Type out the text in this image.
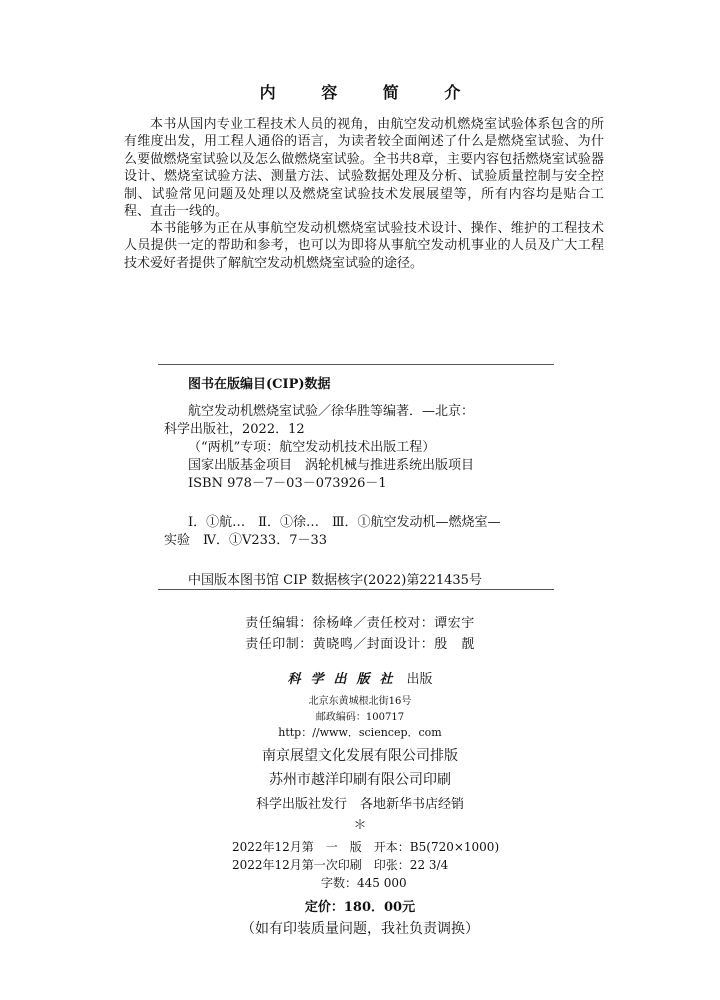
内 容 简 介

本书从国内专业工程技术人员的视角，由航空发动机燃烧室试验体系包含的所有维度出发，用工程人通俗的语言，为读者较全面阐述了什么是燃烧室试验、为什么要做燃烧室试验以及怎么做燃烧室试验。全书共8章，主要内容包括燃烧室试验器设计、燃烧室试验方法、测量方法、试验数据处理及分析、试验质量控制与安全控制、试验常见问题及处理以及燃烧室试验技术发展展望等，所有内容均是贴合工程、直击一线的。

本书能够为正在从事航空发动机燃烧室试验技术设计、操作、维护的工程技术人员提供一定的帮助和参考，也可以为即将从事航空发动机事业的人员及广大工程技术爱好者提供了解航空发动机燃烧室试验的途径。

图书在版编目(CIP)数据
航空发动机燃烧室试验／徐华胜等编著．—北京：
科学出版社，2022．12
（“两机”专项：航空发动机技术出版工程）
国家出版基金项目　涡轮机械与推进系统出版项目
ISBN 978－7－03－073926－1
Ⅰ．①航…　Ⅱ．①徐…　Ⅲ．①航空发动机—燃烧室—
实验　Ⅳ．①V233．7－33
中国版本图书馆 CIP 数据核字(2022)第221435号
责任编辑：徐杨峰／责任校对：谭宏宇
责任印制：黄晓鸣／封面设计：殷　靓
科学出版社 出版
北京东黄城根北街16号
邮政编码：100717
http：//www．sciencep．com
南京展望文化发展有限公司排版
苏州市越洋印刷有限公司印刷
科学出版社发行　各地新华书店经销
＊
2022年12月第　一　版　开本：B5(720×1000)
2022年12月第一次印刷　印张：22 3/4
字数：445 000
定价：180．00元
（如有印装质量问题，我社负责调换）
